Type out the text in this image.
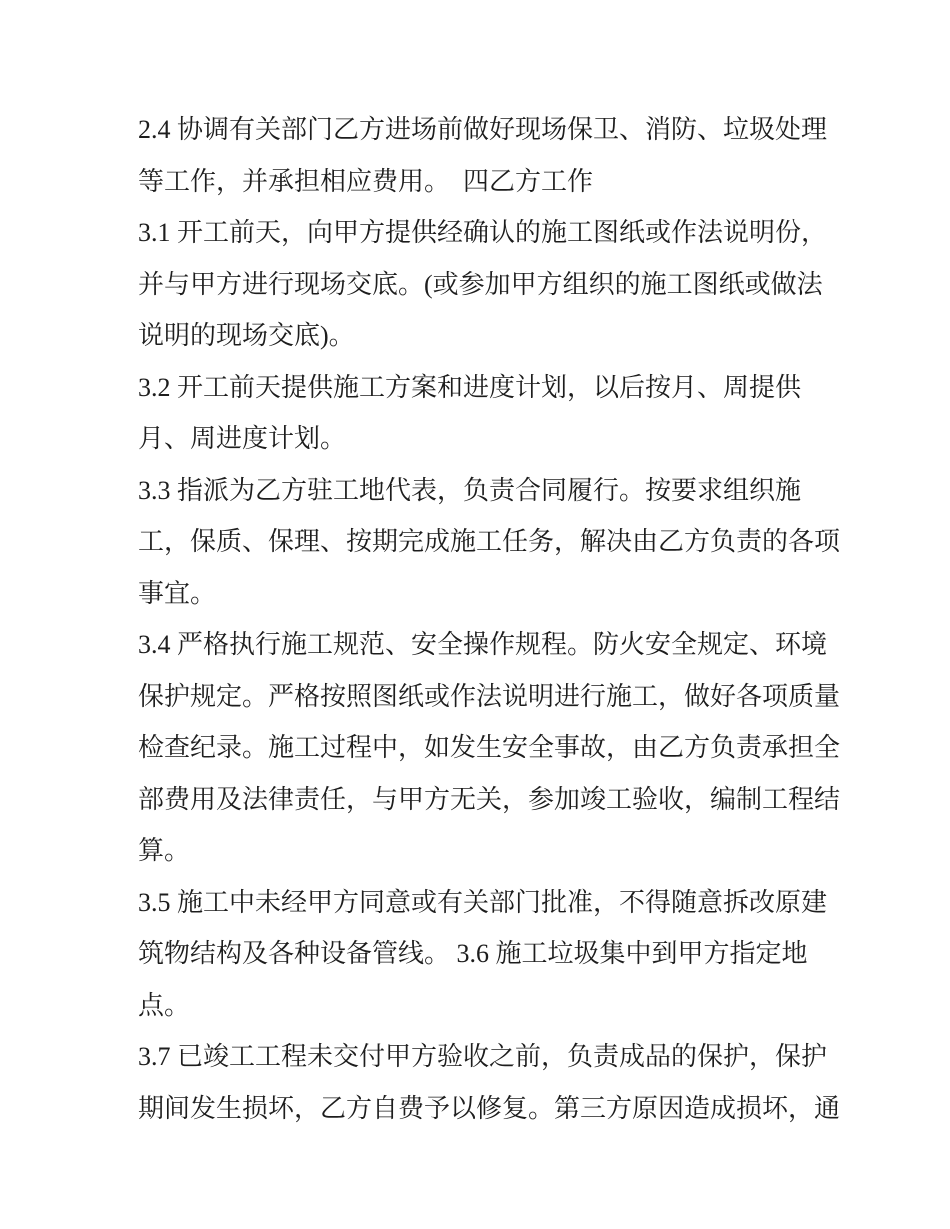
2.4 协调有关部门乙方进场前做好现场保卫、消防、垃圾处理
等工作，并承担相应费用。　四乙方工作
3.1 开工前天，向甲方提供经确认的施工图纸或作法说明份，
并与甲方进行现场交底。(或参加甲方组织的施工图纸或做法
说明的现场交底)。
3.2 开工前天提供施工方案和进度计划，以后按月、周提供
月、周进度计划。
3.3 指派为乙方驻工地代表，负责合同履行。按要求组织施
工，保质、保理、按期完成施工任务，解决由乙方负责的各项
事宜。
3.4 严格执行施工规范、安全操作规程。防火安全规定、环境
保护规定。严格按照图纸或作法说明进行施工，做好各项质量
检查纪录。施工过程中，如发生安全事故，由乙方负责承担全
部费用及法律责任，与甲方无关，参加竣工验收，编制工程结
算。
3.5 施工中未经甲方同意或有关部门批准，不得随意拆改原建
筑物结构及各种设备管线。 3.6 施工垃圾集中到甲方指定地
点。
3.7 已竣工工程未交付甲方验收之前，负责成品的保护，保护
期间发生损坏，乙方自费予以修复。第三方原因造成损坏，通
